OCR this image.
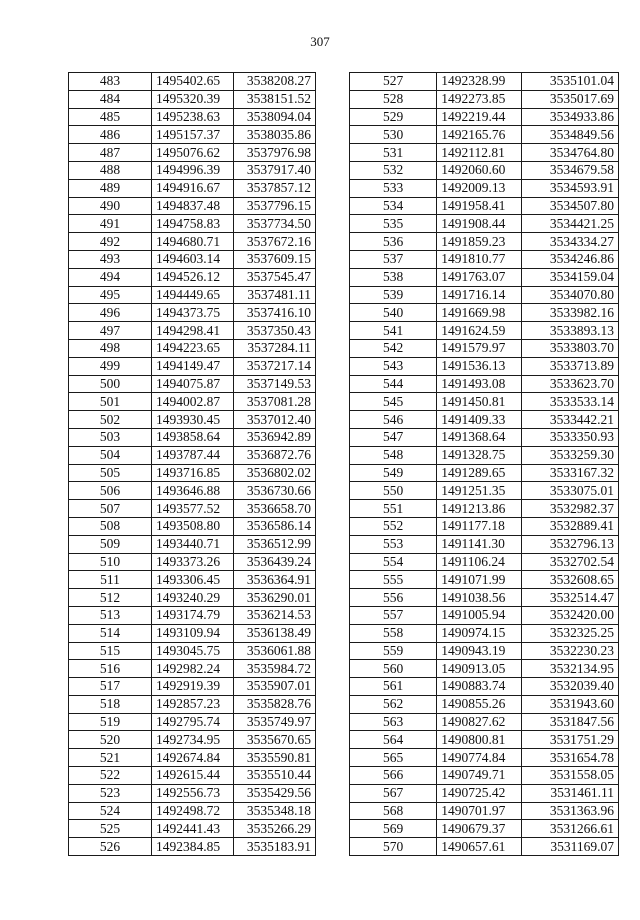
307
483	1495402.65	3538208.27
484	1495320.39	3538151.52
485	1495238.63	3538094.04
486	1495157.37	3538035.86
487	1495076.62	3537976.98
488	1494996.39	3537917.40
489	1494916.67	3537857.12
490	1494837.48	3537796.15
491	1494758.83	3537734.50
492	1494680.71	3537672.16
493	1494603.14	3537609.15
494	1494526.12	3537545.47
495	1494449.65	3537481.11
496	1494373.75	3537416.10
497	1494298.41	3537350.43
498	1494223.65	3537284.11
499	1494149.47	3537217.14
500	1494075.87	3537149.53
501	1494002.87	3537081.28
502	1493930.45	3537012.40
503	1493858.64	3536942.89
504	1493787.44	3536872.76
505	1493716.85	3536802.02
506	1493646.88	3536730.66
507	1493577.52	3536658.70
508	1493508.80	3536586.14
509	1493440.71	3536512.99
510	1493373.26	3536439.24
511	1493306.45	3536364.91
512	1493240.29	3536290.01
513	1493174.79	3536214.53
514	1493109.94	3536138.49
515	1493045.75	3536061.88
516	1492982.24	3535984.72
517	1492919.39	3535907.01
518	1492857.23	3535828.76
519	1492795.74	3535749.97
520	1492734.95	3535670.65
521	1492674.84	3535590.81
522	1492615.44	3535510.44
523	1492556.73	3535429.56
524	1492498.72	3535348.18
525	1492441.43	3535266.29
526	1492384.85	3535183.91
527	1492328.99	3535101.04
528	1492273.85	3535017.69
529	1492219.44	3534933.86
530	1492165.76	3534849.56
531	1492112.81	3534764.80
532	1492060.60	3534679.58
533	1492009.13	3534593.91
534	1491958.41	3534507.80
535	1491908.44	3534421.25
536	1491859.23	3534334.27
537	1491810.77	3534246.86
538	1491763.07	3534159.04
539	1491716.14	3534070.80
540	1491669.98	3533982.16
541	1491624.59	3533893.13
542	1491579.97	3533803.70
543	1491536.13	3533713.89
544	1491493.08	3533623.70
545	1491450.81	3533533.14
546	1491409.33	3533442.21
547	1491368.64	3533350.93
548	1491328.75	3533259.30
549	1491289.65	3533167.32
550	1491251.35	3533075.01
551	1491213.86	3532982.37
552	1491177.18	3532889.41
553	1491141.30	3532796.13
554	1491106.24	3532702.54
555	1491071.99	3532608.65
556	1491038.56	3532514.47
557	1491005.94	3532420.00
558	1490974.15	3532325.25
559	1490943.19	3532230.23
560	1490913.05	3532134.95
561	1490883.74	3532039.40
562	1490855.26	3531943.60
563	1490827.62	3531847.56
564	1490800.81	3531751.29
565	1490774.84	3531654.78
566	1490749.71	3531558.05
567	1490725.42	3531461.11
568	1490701.97	3531363.96
569	1490679.37	3531266.61
570	1490657.61	3531169.07
